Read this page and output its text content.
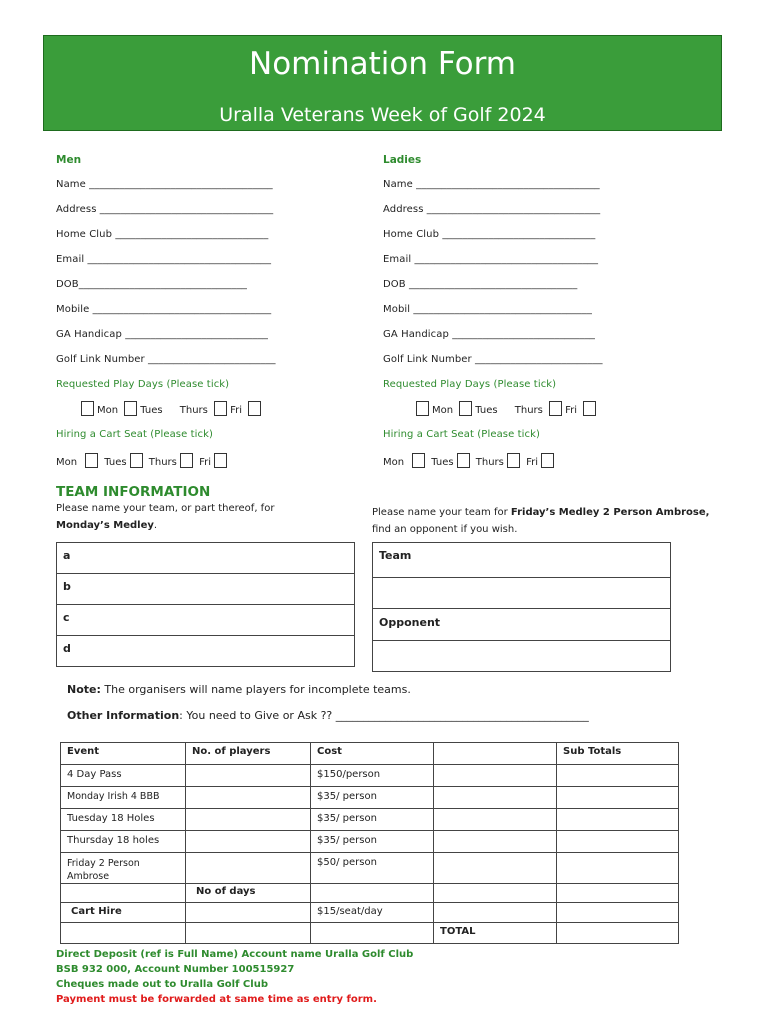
Nomination Form
Uralla Veterans Week of Golf 2024
Men
Name ____________________________________
Address __________________________________
Home Club ______________________________
Email ____________________________________
DOB_________________________________
Mobile ___________________________________
GA Handicap ____________________________
Golf Link Number _________________________
Requested Play Days (Please tick)
Mon Tues Thurs Fri
Hiring a Cart Seat (Please tick)
Mon	Tues Thurs Fri
Ladies
Name ____________________________________
Address __________________________________
Home Club ______________________________
Email ____________________________________
DOB _________________________________
Mobil ___________________________________
GA Handicap ____________________________
Golf Link Number _________________________
Requested Play Days (Please tick)
Mon Tues Thurs Fri
Hiring a Cart Seat (Please tick)
Mon	Tues Thurs Fri
TEAM INFORMATION
Please name your team, or part thereof, for
Monday’s Medley.
Please name your team for Friday’s Medley 2 Person Ambrose,
find an opponent if you wish.
a
b
c
d
Team

Opponent

Note: The organisers will name players for incomplete teams.
Other Information: You need to Give or Ask ?? ______________________________________________
Event	No. of players	Cost		Sub Totals
4 Day Pass		$150/person		
Monday Irish 4 BBB		$35/ person		
Tuesday 18 Holes		$35/ person		
Thursday 18 holes		$35/ person		
Friday 2 Person Ambrose		$50/ person		
	No of days			
Cart Hire		$15/seat/day		
			TOTAL	
Direct Deposit (ref is Full Name) Account name Uralla Golf Club
BSB 932 000, Account Number 100515927
Cheques made out to Uralla Golf Club
Payment must be forwarded at same time as entry form.
